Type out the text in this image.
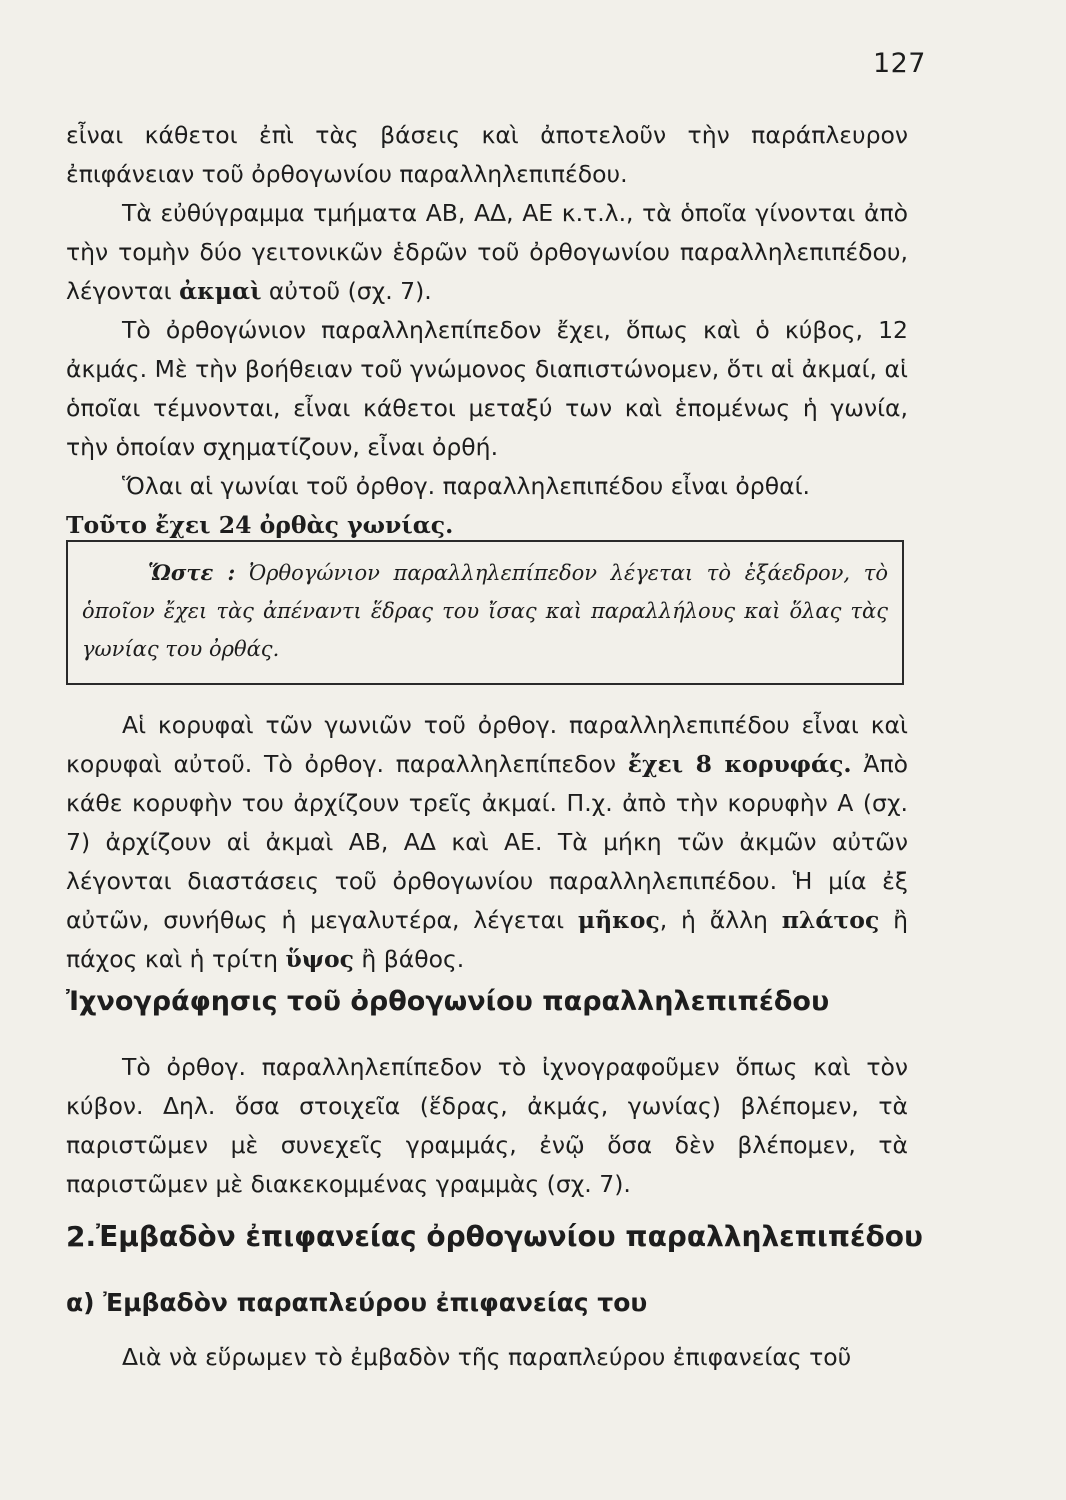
127

εἶναι κάθετοι ἐπὶ τὰς βάσεις καὶ ἀποτελοῦν τὴν παράπλευρον ἐπιφάνειαν τοῦ ὀρθογωνίου παραλληλεπιπέδου.

Τὰ εὐθύγραμμα τμήματα ΑΒ, ΑΔ, ΑΕ κ.τ.λ., τὰ ὁποῖα γίνονται ἀπὸ τὴν τομὴν δύο γειτονικῶν ἑδρῶν τοῦ ὀρθογωνίου παραλληλεπιπέδου, λέγονται ἀκμαὶ αὐτοῦ (σχ. 7).

Τὸ ὀρθογώνιον παραλληλεπίπεδον ἔχει, ὅπως καὶ ὁ κύβος, 12 ἀκμάς. Μὲ τὴν βοήθειαν τοῦ γνώμονος διαπιστώνομεν, ὅτι αἱ ἀκμαί, αἱ ὁποῖαι τέμνονται, εἶναι κάθετοι μεταξύ των καὶ ἑπομένως ἡ γωνία, τὴν ὁποίαν σχηματίζουν, εἶναι ὀρθή.

Ὅλαι αἱ γωνίαι τοῦ ὀρθογ. παραλληλεπιπέδου εἶναι ὀρθαί.

Τοῦτο ἔχει 24 ὀρθὰς γωνίας.

Ὥστε : Ὀρθογώνιον παραλληλεπίπεδον λέγεται τὸ ἑξάεδρον, τὸ ὁποῖον ἔχει τὰς ἀπέναντι ἕδρας του ἴσας καὶ παραλλήλους καὶ ὅλας τὰς γωνίας του ὀρθάς.

Αἱ κορυφαὶ τῶν γωνιῶν τοῦ ὀρθογ. παραλληλεπιπέδου εἶναι καὶ κορυφαὶ αὐτοῦ. Τὸ ὀρθογ. παραλληλεπίπεδον ἔχει 8 κορυφάς. Ἀπὸ κάθε κορυφὴν του ἀρχίζουν τρεῖς ἀκμαί. Π.χ. ἀπὸ τὴν κορυφὴν Α (σχ. 7) ἀρχίζουν αἱ ἀκμαὶ ΑΒ, ΑΔ καὶ ΑΕ. Τὰ μήκη τῶν ἀκμῶν αὐτῶν λέγονται διαστάσεις τοῦ ὀρθογωνίου παραλληλεπιπέδου. Ἡ μία ἐξ αὐτῶν, συνήθως ἡ μεγαλυτέρα, λέγεται μῆκος, ἡ ἄλλη πλάτος ἢ πάχος καὶ ἡ τρίτη ὕψος ἢ βάθος.

Ἰχνογράφησις τοῦ ὀρθογωνίου παραλληλεπιπέδου

Τὸ ὀρθογ. παραλληλεπίπεδον τὸ ἰχνογραφοῦμεν ὅπως καὶ τὸν κύβον. Δηλ. ὅσα στοιχεῖα (ἕδρας, ἀκμάς, γωνίας) βλέπομεν, τὰ παριστῶμεν μὲ συνεχεῖς γραμμάς, ἐνῷ ὅσα δὲν βλέπομεν, τὰ παριστῶμεν μὲ διακεκομμένας γραμμὰς (σχ. 7).

2.Ἐμβαδὸν ἐπιφανείας ὀρθογωνίου παραλληλεπιπέδου
α) Ἐμβαδὸν παραπλεύρου ἐπιφανείας του

Διὰ νὰ εὕρωμεν τὸ ἐμβαδὸν τῆς παραπλεύρου ἐπιφανείας τοῦ
